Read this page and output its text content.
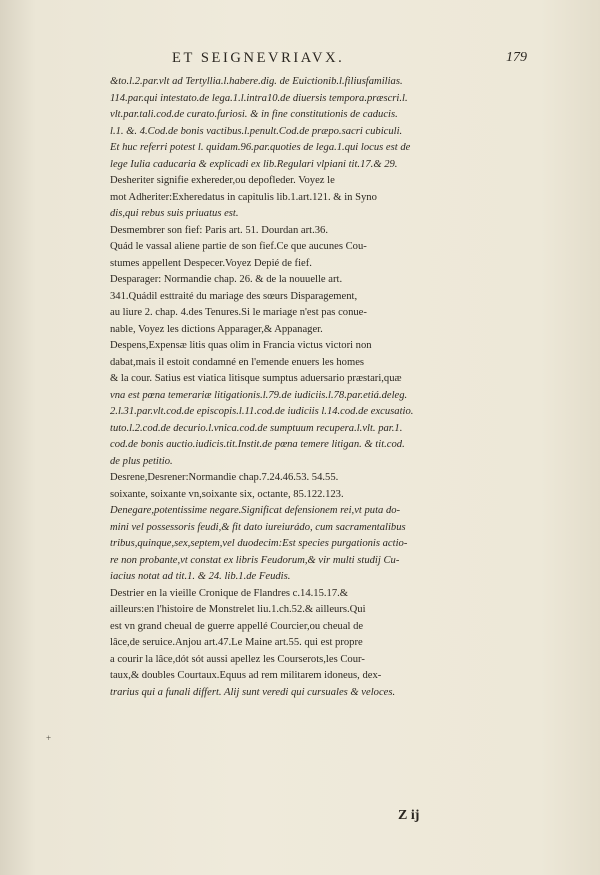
ET SEIGNEVRIAVX.	179
&to.l.2.par.vlt ad Tertyllia.l.habere.dig. de Euictionib.l.filiusfamilias.
114.par.qui intestato.de lega.1.l.intra10.de diuersis tempora.præscri.l.
vlt.par.tali.cod.de curato.furiosi. & in fine constitutionis de caducis.
l.1. &. 4.Cod.de bonis vactibus.l.penult.Cod.de præpo.sacri cubiculi.
Et huc referri potest l. quidam.96.par.quoties de lega.1.qui locus est de
lege Iulia caducaria & explicadi ex lib.Regulari vlpiani tit.17.& 29.
Desheriter signifie exhereder,ou depofleder. Voyez le
mot Adheriter:Exheredatus in capitulis lib.1.art.121. & in Syno
dis,qui rebus suis priuatus est.
Desmembrer son fief: Paris art. 51. Dourdan art.36.
Quád le vassal aliene partie de son fief.Ce que aucunes Cou-
stumes appellent Despecer.Voyez Depié de fief.
Desparager: Normandie chap. 26. & de la nouuelle art.
341.Quádil esttraité du mariage des sœurs Disparagement,
au liure 2. chap. 4.des Tenures.Si le mariage n'est pas conue-
nable, Voyez les dictions Apparager,& Appanager.
Despens,Expensæ litis quas olim in Francia victus victori non
dabat,mais il estoit condamné en l'emende enuers les homes
& la cour. Satius est viatica litisque sumptus aduersario præstari,quæ
vna est pœna temerariæ litigationis.l.79.de iudiciis.l.78.par.etiá.deleg.
2.l.31.par.vlt.cod.de episcopis.l.11.cod.de iudiciis l.14.cod.de excusatio.
tuto.l.2.cod.de decurio.l.vnica.cod.de sumptuum recupera.l.vlt. par.1.
cod.de bonis auctio.iudicis.tit.Instit.de pœna temere litigan. & tit.cod.
de plus petitio.
Desrene,Desrener:Normandie chap.7.24.46.53. 54.55.
soixante, soixante vn,soixante six, octante, 85.122.123.
Denegare,potentissime negare.Significat defensionem rei,vt puta do-
mini vel possessoris feudi,& fit dato iureiurádo, cum sacramentalibus
tribus,quinque,sex,septem,vel duodecim:Est species purgationis actio-
re non probante,vt constat ex libris Feudorum,& vir multi studij Cu-
iacius notat ad tit.1. & 24. lib.1.de Feudis.
Destrier en la vieille Cronique de Flandres c.14.15.17.&
ailleurs:en l'histoire de Monstrelet liu.1.ch.52.& ailleurs.Qui
est vn grand cheual de guerre appellé Courcier,ou cheual de
lâce,de seruice.Anjou art.47.Le Maine art.55. qui est propre
a courir la lâce,dót sót aussi apellez les Courserots,les Cour-
taux,& doubles Courtaux.Equus ad rem militarem idoneus, dex-
trarius qui a funali differt. Alij sunt veredi qui cursuales & veloces.
+
Z ij
